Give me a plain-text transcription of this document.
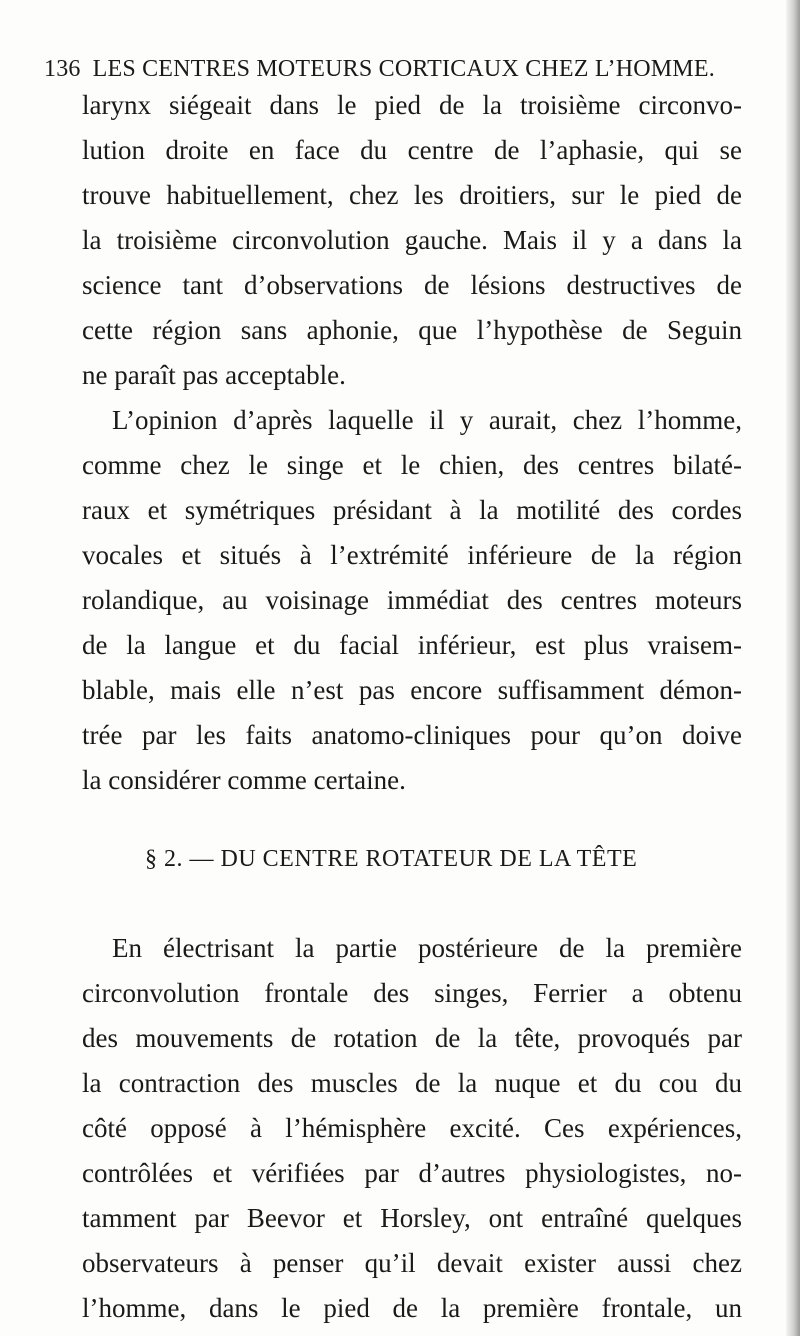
136 LES CENTRES MOTEURS CORTICAUX CHEZ L’HOMME.
larynx siégeait dans le pied de la troisième circonvo-
lution droite en face du centre de l’aphasie, qui se
trouve habituellement, chez les droitiers, sur le pied de
la troisième circonvolution gauche. Mais il y a dans la
science tant d’observations de lésions destructives de
cette région sans aphonie, que l’hypothèse de Seguin
ne paraît pas acceptable.
L’opinion d’après laquelle il y aurait, chez l’homme,
comme chez le singe et le chien, des centres bilaté-
raux et symétriques présidant à la motilité des cordes
vocales et situés à l’extrémité inférieure de la région
rolandique, au voisinage immédiat des centres moteurs
de la langue et du facial inférieur, est plus vraisem-
blable, mais elle n’est pas encore suffisamment démon-
trée par les faits anatomo-cliniques pour qu’on doive
la considérer comme certaine.
§ 2. — DU CENTRE ROTATEUR DE LA TÊTE
En électrisant la partie postérieure de la première
circonvolution frontale des singes, Ferrier a obtenu
des mouvements de rotation de la tête, provoqués par
la contraction des muscles de la nuque et du cou du
côté opposé à l’hémisphère excité. Ces expériences,
contrôlées et vérifiées par d’autres physiologistes, no-
tamment par Beevor et Horsley, ont entraîné quelques
observateurs à penser qu’il devait exister aussi chez
l’homme, dans le pied de la première frontale, un
